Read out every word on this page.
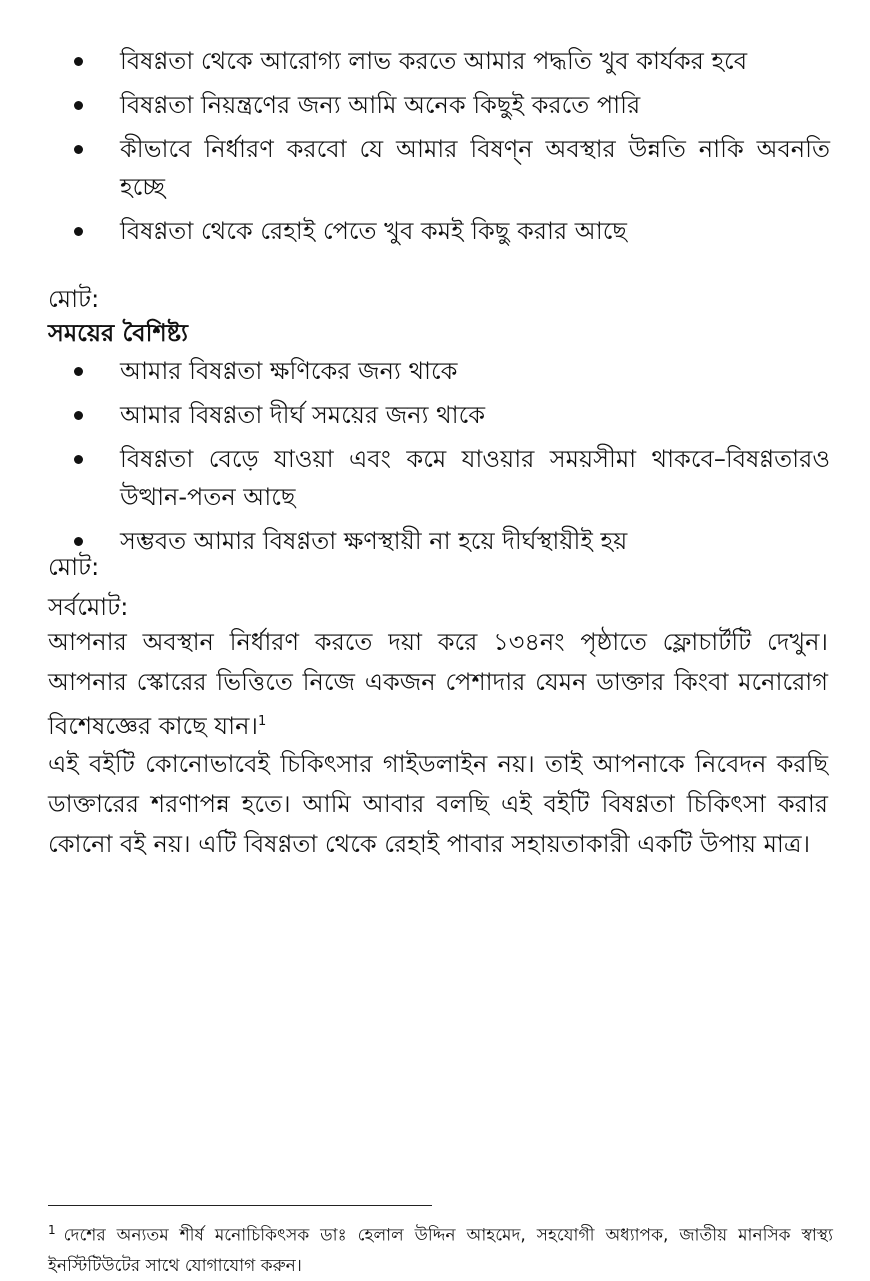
বিষণ্ণতা থেকে আরোগ্য লাভ করতে আমার পদ্ধতি খুব কার্যকর হবে
বিষণ্ণতা নিয়ন্ত্রণের জন্য আমি অনেক কিছুই করতে পারি
কীভাবে নির্ধারণ করবো যে আমার বিষণ্ন অবস্থার উন্নতি নাকি অবনতি হচ্ছে
বিষণ্ণতা থেকে রেহাই পেতে খুব কমই কিছু করার আছে
মোট:
সময়ের বৈশিষ্ট্য
আমার বিষণ্ণতা ক্ষণিকের জন্য থাকে
আমার বিষণ্ণতা দীর্ঘ সময়ের জন্য থাকে
বিষণ্ণতা বেড়ে যাওয়া এবং কমে যাওয়ার সময়সীমা থাকবে–বিষণ্ণতারও উত্থান-পতন আছে
সম্ভবত আমার বিষণ্ণতা ক্ষণস্থায়ী না হয়ে দীর্ঘস্থায়ীই হয়
মোট:
সর্বমোট:
আপনার অবস্থান নির্ধারণ করতে দয়া করে ১৩৪নং পৃষ্ঠাতে ফ্লোচার্টটি দেখুন। আপনার স্কোরের ভিত্তিতে নিজে একজন পেশাদার যেমন ডাক্তার কিংবা মনোরোগ বিশেষজ্ঞের কাছে যান।$^1$
এই বইটি কোনোভাবেই চিকিৎসার গাইডলাইন নয়। তাই আপনাকে নিবেদন করছি ডাক্তারের শরণাপন্ন হতে। আমি আবার বলছি এই বইটি বিষণ্ণতা চিকিৎসা করার কোনো বই নয়। এটি বিষণ্ণতা থেকে রেহাই পাবার সহায়তাকারী একটি উপায় মাত্র।
$^1$ দেশের অন্যতম শীর্ষ মনোচিকিৎসক ডাঃ হেলাল উদ্দিন আহমেদ, সহযোগী অধ্যাপক, জাতীয় মানসিক স্বাস্থ্য ইনস্টিটিউটের সাথে যোগাযোগ করুন।
